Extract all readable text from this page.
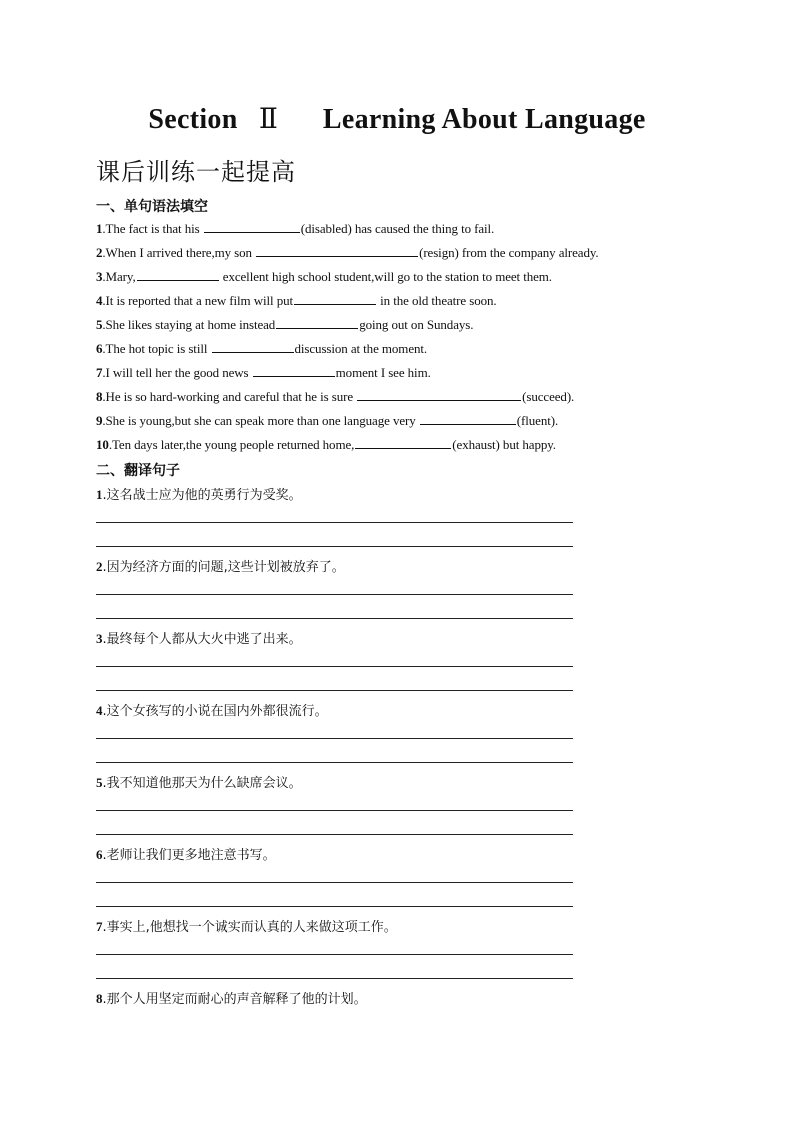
Section Ⅱ Learning About Language
课后训练一起提高
一、单句语法填空
1.The fact is that his	(disabled) has caused the thing to fail.
2.When I arrived there,my son	(resign) from the company already.
3.Mary,	excellent high school student,will go to the station to meet them.
4.It is reported that a new film will put	in the old theatre soon.
5.She likes staying at home instead	going out on Sundays.
6.The hot topic is still	discussion at the moment.
7.I will tell her the good news	moment I see him.
8.He is so hard-working and careful that he is sure	(succeed).
9.She is young,but she can speak more than one language very	(fluent).
10.Ten days later,the young people returned home,	(exhaust) but happy.
二、翻译句子
1.这名战士应为他的英勇行为受奖。
2.因为经济方面的问题,这些计划被放弃了。
3.最终每个人都从大火中逃了出来。
4.这个女孩写的小说在国内外都很流行。
5.我不知道他那天为什么缺席会议。
6.老师让我们更多地注意书写。
7.事实上,他想找一个诚实而认真的人来做这项工作。
8.那个人用坚定而耐心的声音解释了他的计划。
